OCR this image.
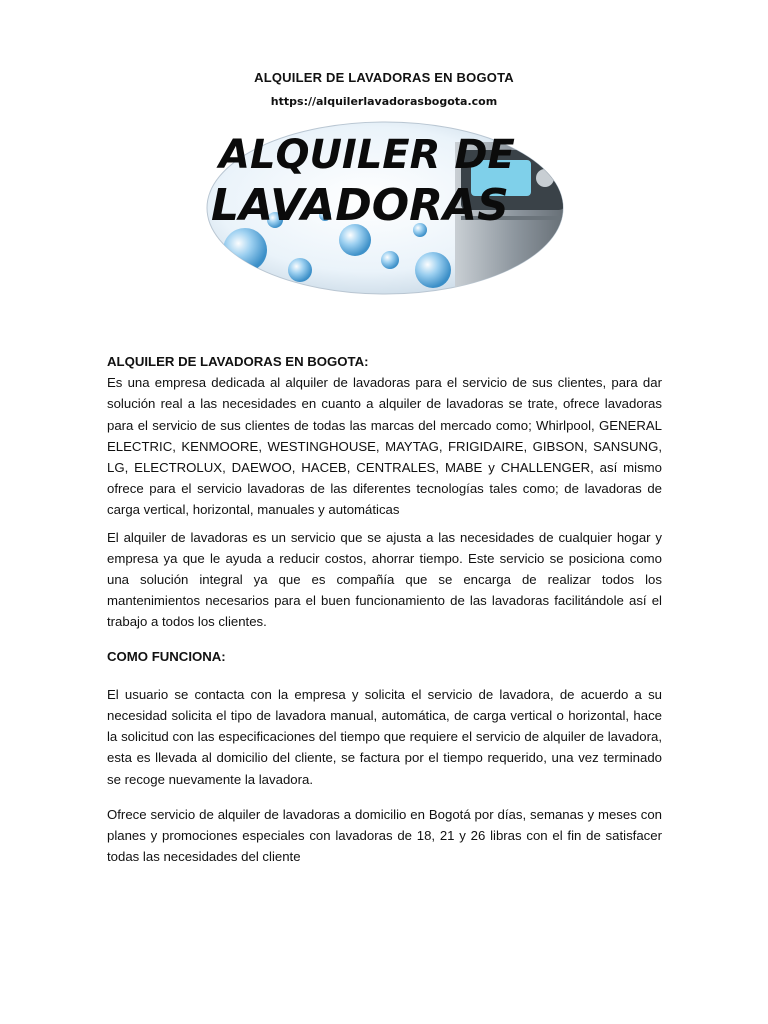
ALQUILER DE LAVADORAS EN BOGOTA
https://alquilerlavadorasbogota.com
ALQUILER DE
LAVADORAS

ALQUILER DE LAVADORAS EN BOGOTA:

Es una empresa dedicada al alquiler de lavadoras para el servicio de sus clientes, para dar solución real a las necesidades en cuanto a alquiler de lavadoras se trate, ofrece lavadoras para el servicio de sus clientes de todas las marcas del mercado como; Whirlpool, GENERAL ELECTRIC, KENMOORE, WESTINGHOUSE, MAYTAG, FRIGIDAIRE, GIBSON, SANSUNG, LG, ELECTROLUX, DAEWOO, HACEB, CENTRALES, MABE y CHALLENGER, así mismo ofrece para el servicio lavadoras de las diferentes tecnologías tales como; de lavadoras de carga vertical, horizontal, manuales y automáticas

El alquiler de lavadoras es un servicio que se ajusta a las necesidades de cualquier hogar y empresa ya que le ayuda a reducir costos, ahorrar tiempo. Este servicio se posiciona como una solución integral ya que es compañía que se encarga de realizar todos los mantenimientos necesarios para el buen funcionamiento de las lavadoras facilitándole así el trabajo a todos los clientes.

COMO FUNCIONA:

El usuario se contacta con la empresa y solicita el servicio de lavadora, de acuerdo a su necesidad solicita el tipo de lavadora manual, automática, de carga vertical o horizontal, hace la solicitud con las especificaciones del tiempo que requiere el servicio de alquiler de lavadora, esta es llevada al domicilio del cliente, se factura por el tiempo requerido, una vez terminado se recoge nuevamente la lavadora.

Ofrece servicio de alquiler de lavadoras a domicilio en Bogotá por días, semanas y meses con planes y promociones especiales con lavadoras de 18, 21 y 26 libras con el fin de satisfacer todas las necesidades del cliente
